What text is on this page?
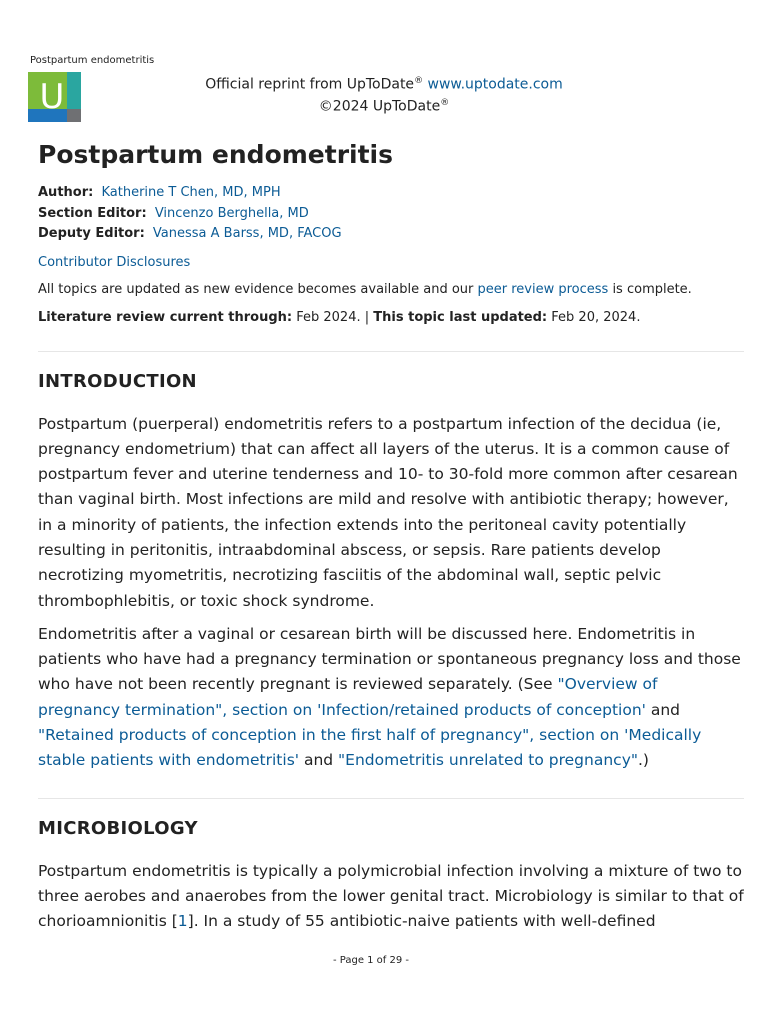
Postpartum endometritis
U	Official reprint from UpToDate® www.uptodate.com
©2024 UpToDate®
Postpartum endometritis
Author: Katherine T Chen, MD, MPH
Section Editor: Vincenzo Berghella, MD
Deputy Editor: Vanessa A Barss, MD, FACOG
Contributor Disclosures
All topics are updated as new evidence becomes available and our peer review process is complete.
Literature review current through: Feb 2024. | This topic last updated: Feb 20, 2024.
INTRODUCTION

Postpartum (puerperal) endometritis refers to a postpartum infection of the decidua (ie, pregnancy endometrium) that can affect all layers of the uterus. It is a common cause of postpartum fever and uterine tenderness and 10- to 30-fold more common after cesarean than vaginal birth. Most infections are mild and resolve with antibiotic therapy; however, in a minority of patients, the infection extends into the peritoneal cavity potentially resulting in peritonitis, intraabdominal abscess, or sepsis. Rare patients develop necrotizing myometritis, necrotizing fasciitis of the abdominal wall, septic pelvic thrombophlebitis, or toxic shock syndrome.

Endometritis after a vaginal or cesarean birth will be discussed here. Endometritis in patients who have had a pregnancy termination or spontaneous pregnancy loss and those who have not been recently pregnant is reviewed separately. (See "Overview of pregnancy termination", section on 'Infection/retained products of conception' and "Retained products of conception in the first half of pregnancy", section on 'Medically stable patients with endometritis' and "Endometritis unrelated to pregnancy".)

MICROBIOLOGY

Postpartum endometritis is typically a polymicrobial infection involving a mixture of two to three aerobes and anaerobes from the lower genital tract. Microbiology is similar to that of chorioamnionitis [1]. In a study of 55 antibiotic-naive patients with well-defined

- Page 1 of 29 -
